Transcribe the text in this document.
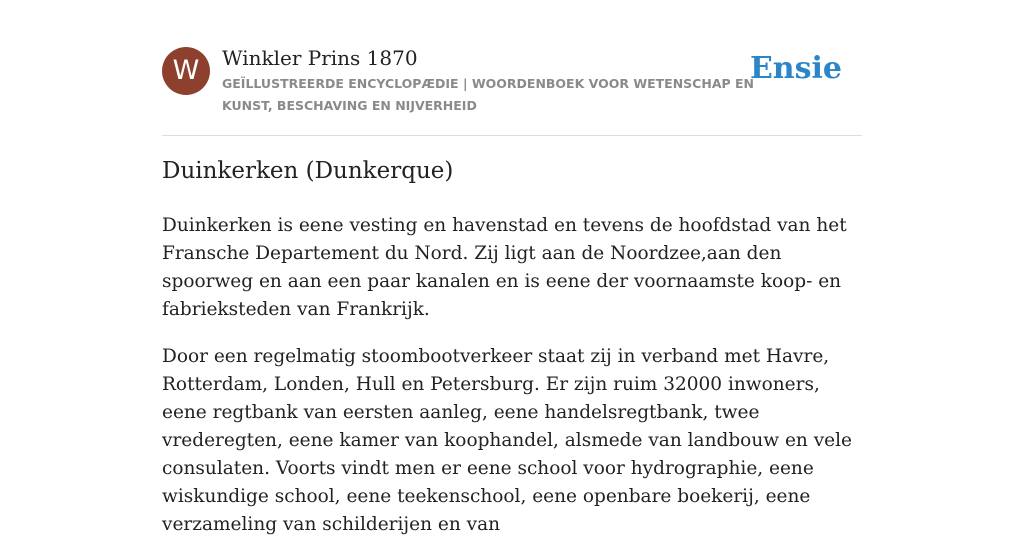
W	Winkler Prins 1870
GEÏLLUSTREERDE ENCYCLOPÆDIE | WOORDENBOEK VOOR WETENSCHAP EN KUNST, BESCHAVING EN NIJVERHEID
Ensie
Duinkerken (Dunkerque)

Duinkerken is eene vesting en havenstad en tevens de hoofdstad van het Fransche Departement du Nord. Zij ligt aan de Noordzee,aan den spoorweg en aan een paar kanalen en is eene der voornaamste koop- en fabrieksteden van Frankrijk.

Door een regelmatig stoombootverkeer staat zij in verband met Havre, Rotterdam, Londen, Hull en Petersburg. Er zijn ruim 32000 inwoners, eene regtbank van eersten aanleg, eene handelsregtbank, twee vrederegten, eene kamer van koophandel, alsmede van landbouw en vele consulaten. Voorts vindt men er eene school voor hydrographie, eene wiskundige school, eene teekenschool, eene openbare boekerij, eene verzameling van schilderijen en van
